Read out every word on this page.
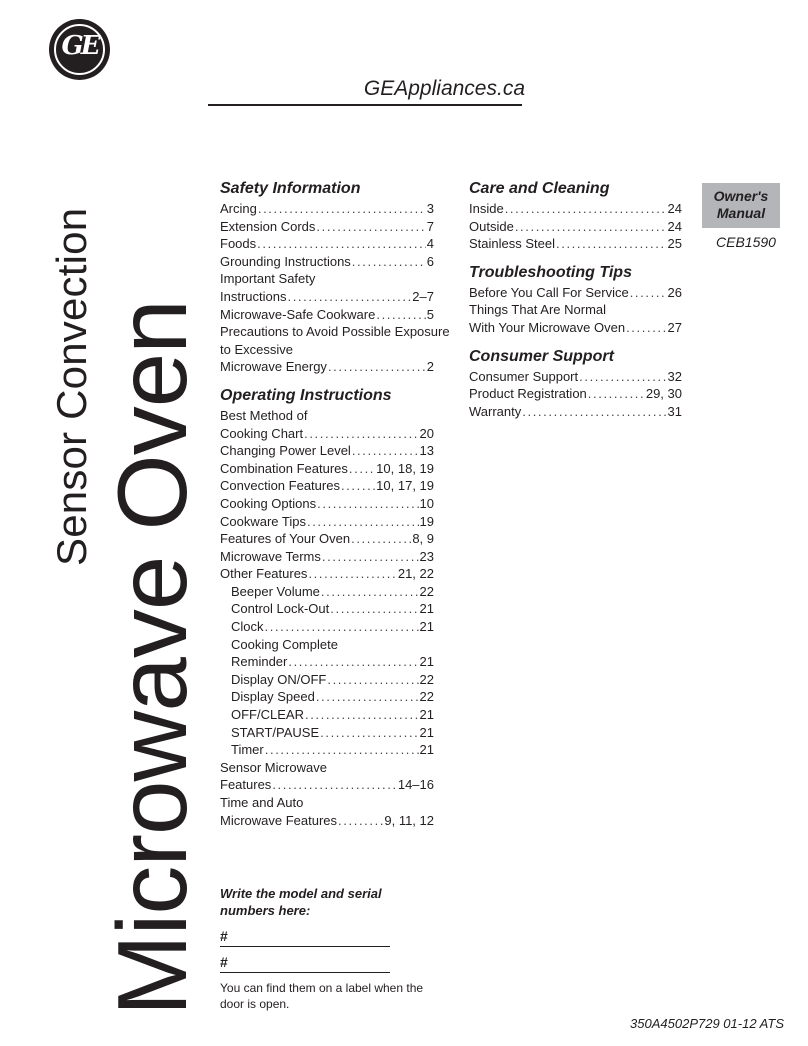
GE
GEAppliances.ca
Sensor Convection Microwave Oven
Safety Information
Arcing . . .	3
Extension Cords . . .	7
Foods . . .	4
Grounding Instructions . . .	6
Important Safety
Instructions . . .	2–7
Microwave-Safe Cookware . . .	5
Precautions to Avoid Possible Exposure
to Excessive
Microwave Energy . . .	2
Operating Instructions
Best Method of
Cooking Chart . . .	20
Changing Power Level . . .	13
Combination Features . . . 10, 18, 19
Convection Features . . .	10, 17, 19
Cooking Options . . .	10
Cookware Tips . . .	19
Features of Your Oven . . .	8, 9
Microwave Terms . . .	23
Other Features . . .	21, 22
Beeper Volume . . .	22
Control Lock-Out . . .	21
Clock . . .	21
Cooking Complete
Reminder . . .	21
Display ON/OFF . . .	22
Display Speed . . .	22
OFF/CLEAR . . .	21
START/PAUSE . . .	21
Timer . . .	21
Sensor Microwave
Features . . .	14–16
Time and Auto
Microwave Features . . .	9, 11, 12
Care and Cleaning
Inside . . .	24
Outside . . .	24
Stainless Steel . . .	25
Troubleshooting Tips
Before You Call For Service . . .	26
Things That Are Normal
With Your Microwave Oven . . .	27
Consumer Support
Consumer Support . . .	32
Product Registration . . .	29, 30
Warranty . . .	31
Owner's Manual
CEB1590
Write the model and serial numbers here:
#
#
You can find them on a label when the door is open.
350A4502P729 01-12 ATS
